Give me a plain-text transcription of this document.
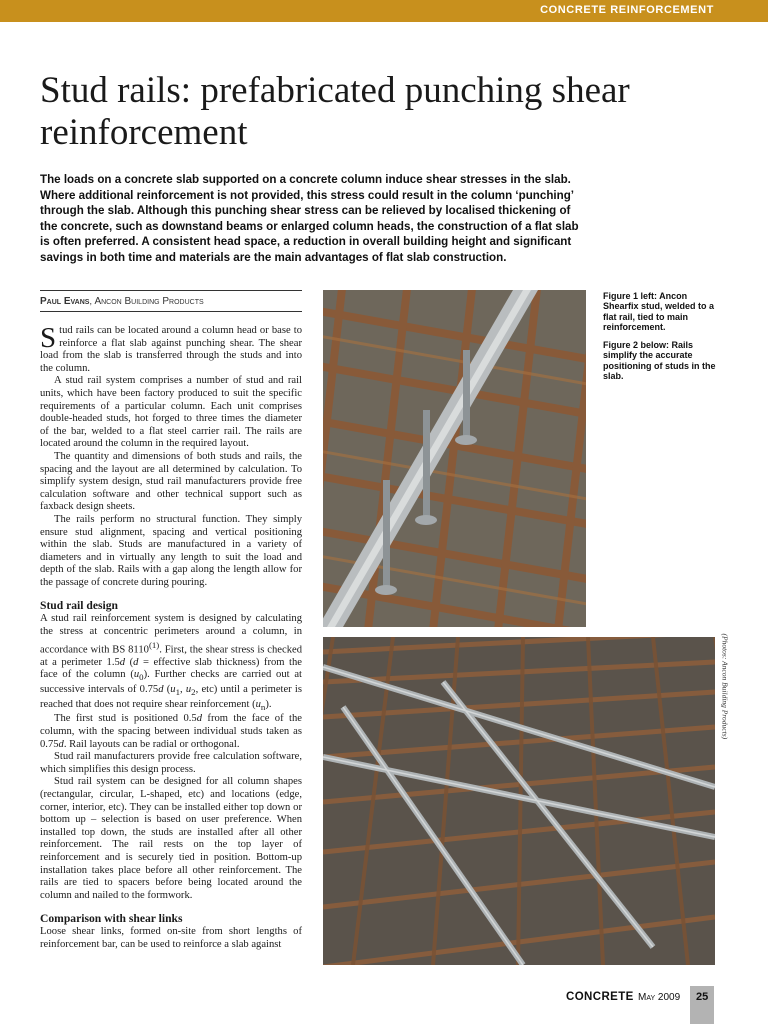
CONCRETE REINFORCEMENT
Stud rails: prefabricated punching shear reinforcement

The loads on a concrete slab supported on a concrete column induce shear stresses in the slab. Where additional reinforcement is not provided, this stress could result in the column ‘punching’ through the slab. Although this punching shear stress can be relieved by localised thickening of the concrete, such as downstand beams or enlarged column heads, the construction of a flat slab is often preferred. A consistent head space, a reduction in overall building height and significant savings in both time and materials are the main advantages of flat slab construction.

Paul Evans, Ancon Building Products

Stud rails can be located around a column head or base to reinforce a flat slab against punching shear. The shear load from the slab is transferred through the studs and into the column.

A stud rail system comprises a number of stud and rail units, which have been factory produced to suit the specific requirements of a particular column. Each unit comprises double-headed studs, hot forged to three times the diameter of the bar, welded to a flat steel carrier rail. The rails are located around the column in the required layout.

The quantity and dimensions of both studs and rails, the spacing and the layout are all determined by calculation. To simplify system design, stud rail manufacturers provide free calculation software and other technical support such as faxback design sheets.

The rails perform no structural function. They simply ensure stud alignment, spacing and vertical positioning within the slab. Studs are manufactured in a variety of diameters and in virtually any length to suit the load and depth of the slab. Rails with a gap along the length allow for the passage of concrete during pouring.

Stud rail design

A stud rail reinforcement system is designed by calculating the stress at concentric perimeters around a column, in accordance with BS 8110$^{(1)}$. First, the shear stress is checked at a perimeter 1.5d (d = effective slab thickness) from the face of the column $(u_0)$. Further checks are carried out at successive intervals of 0.75d ($u_1$, $u_2$, etc) until a perimeter is reached that does not require shear reinforcement $(u_n)$.

The first stud is positioned 0.5d from the face of the column, with the spacing between individual studs taken as 0.75d. Rail layouts can be radial or orthogonal.

Stud rail manufacturers provide free calculation software, which simplifies this design process.

Stud rail system can be designed for all column shapes (rectangular, circular, L-shaped, etc) and locations (edge, corner, interior, etc). They can be installed either top down or bottom up – selection is based on user preference. When installed top down, the studs are installed after all other reinforcement. The rail rests on the top layer of reinforcement and is securely tied in position. Bottom-up installation takes place before all other reinforcement. The rails are tied to spacers before being located around the column and nailed to the formwork.

Comparison with shear links

Loose shear links, formed on-site from short lengths of reinforcement bar, can be used to reinforce a slab against

Figure 1 left: Ancon Shearfix stud, welded to a flat rail, tied to main reinforcement.

Figure 2 below: Rails simplify the accurate positioning of studs in the slab.

(Photos: Ancon Building Products)
CONCRETE May 2009 25
